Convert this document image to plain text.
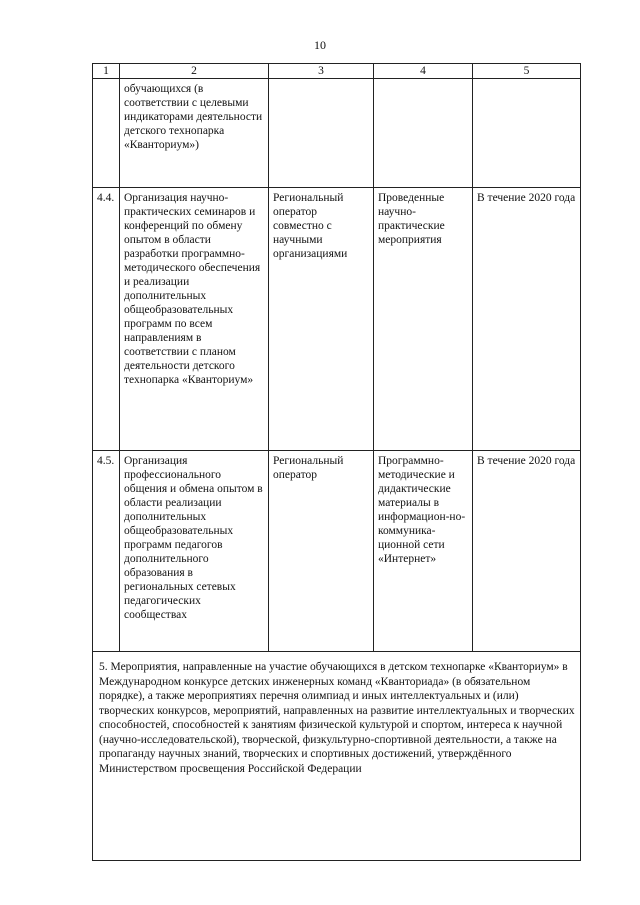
10
1	2	3	4	5
	обучающихся (в соответствии с целевыми индикаторами деятельности детского технопарка «Кванториум»)			
4.4.	Организация научно-практических семинаров и конференций по обмену опытом в области разработки программно-методического обеспечения и реализации дополнительных общеобразовательных программ по всем направлениям в соответствии с планом деятельности детского технопарка «Кванториум»	Региональный оператор совместно с научными организациями	Проведенные научно-практические мероприятия	В течение 2020 года
4.5.	Организация профессионального общения и обмена опытом в области реализации дополнительных общеобразовательных программ педагогов дополнительного образования в региональных сетевых педагогических сообществах	Региональный оператор	Программно-методические и дидактические материалы в информацион-но-коммуника-ционной сети «Интернет»	В течение 2020 года
5. Мероприятия, направленные на участие обучающихся в детском технопарке «Кванториум» в Международном конкурсе детских инженерных команд «Кванториада» (в обязательном порядке), а также мероприятиях перечня олимпиад и иных интеллектуальных и (или) творческих конкурсов, мероприятий, направленных на развитие интеллектуальных и творческих способностей, способностей к занятиям физической культурой и спортом, интереса к научной (научно-исследовательской), творческой, физкультурно-спортивной деятельности, а также на пропаганду научных знаний, творческих и спортивных достижений, утверждённого Министерством просвещения Российской Федерации				
